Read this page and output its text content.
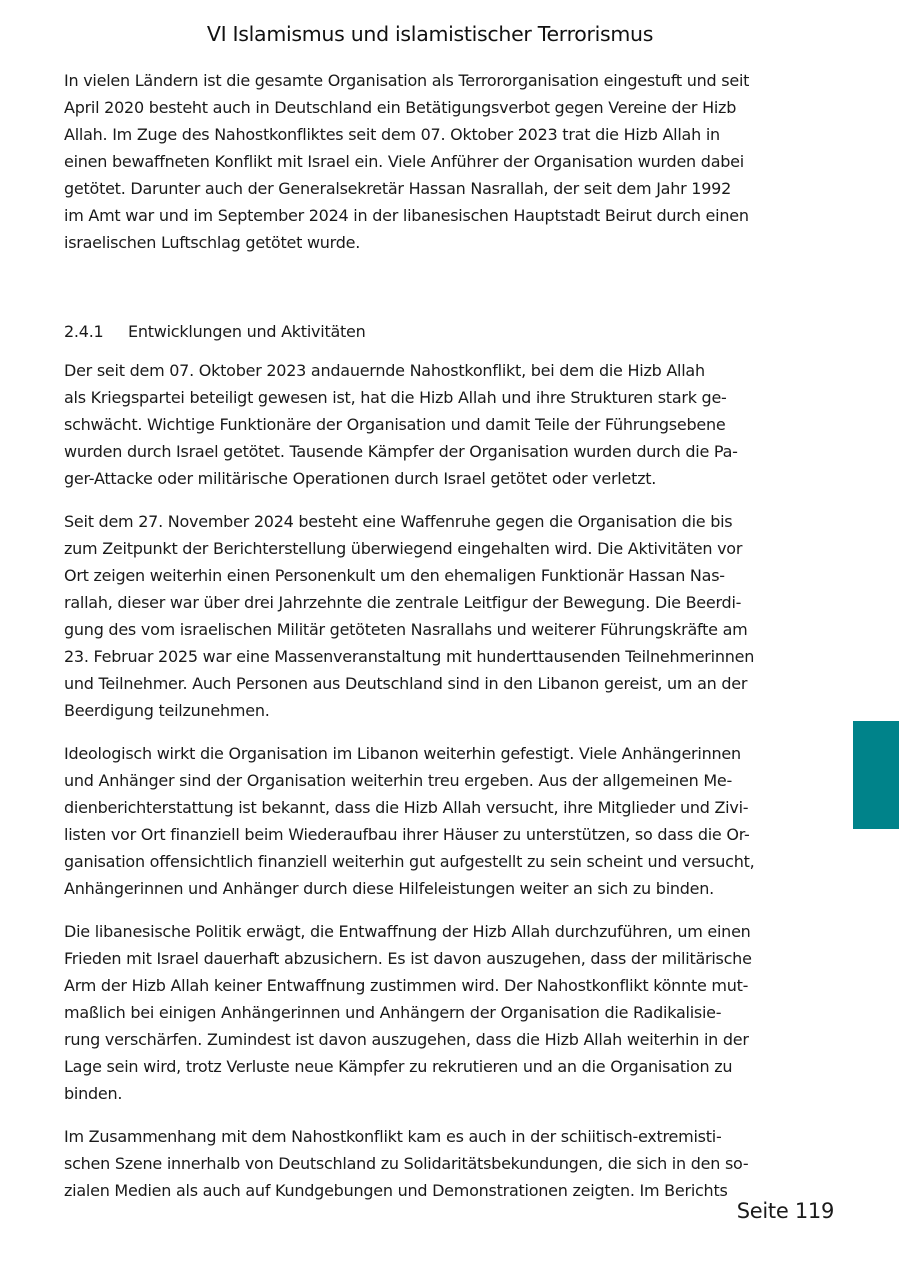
VI Islamismus und islamistischer Terrorismus

In vielen Ländern ist die gesamte Organisation als Terrororganisation eingestuft und seit

April 2020 besteht auch in Deutschland ein Betätigungsverbot gegen Vereine der Hizb

Allah. Im Zuge des Nahostkonfliktes seit dem 07. Oktober 2023 trat die Hizb Allah in

einen bewaffneten Konflikt mit Israel ein. Viele Anführer der Organisation wurden dabei

getötet. Darunter auch der Generalsekretär Hassan Nasrallah, der seit dem Jahr 1992

im Amt war und im September 2024 in der libanesischen Hauptstadt Beirut durch einen

israelischen Luftschlag getötet wurde.

2.4.1	Entwicklungen und Aktivitäten

Der seit dem 07. Oktober 2023 andauernde Nahostkonflikt, bei dem die Hizb Allah

als Kriegspartei beteiligt gewesen ist, hat die Hizb Allah und ihre Strukturen stark ge-

schwächt. Wichtige Funktionäre der Organisation und damit Teile der Führungsebene

wurden durch Israel getötet. Tausende Kämpfer der Organisation wurden durch die Pa-

ger-Attacke oder militärische Operationen durch Israel getötet oder verletzt.

Seit dem 27. November 2024 besteht eine Waffenruhe gegen die Organisation die bis

zum Zeitpunkt der Berichterstellung überwiegend eingehalten wird. Die Aktivitäten vor

Ort zeigen weiterhin einen Personenkult um den ehemaligen Funktionär Hassan Nas-

rallah, dieser war über drei Jahrzehnte die zentrale Leitfigur der Bewegung. Die Beerdi-

gung des vom israelischen Militär getöteten Nasrallahs und weiterer Führungskräfte am

23. Februar 2025 war eine Massenveranstaltung mit hunderttausenden Teilnehmerinnen

und Teilnehmer. Auch Personen aus Deutschland sind in den Libanon gereist, um an der

Beerdigung teilzunehmen.

Ideologisch wirkt die Organisation im Libanon weiterhin gefestigt. Viele Anhängerinnen

und Anhänger sind der Organisation weiterhin treu ergeben. Aus der allgemeinen Me-

dienberichterstattung ist bekannt, dass die Hizb Allah versucht, ihre Mitglieder und Zivi-

listen vor Ort finanziell beim Wiederaufbau ihrer Häuser zu unterstützen, so dass die Or-

ganisation offensichtlich finanziell weiterhin gut aufgestellt zu sein scheint und versucht,

Anhängerinnen und Anhänger durch diese Hilfeleistungen weiter an sich zu binden.

Die libanesische Politik erwägt, die Entwaffnung der Hizb Allah durchzuführen, um einen

Frieden mit Israel dauerhaft abzusichern. Es ist davon auszugehen, dass der militärische

Arm der Hizb Allah keiner Entwaffnung zustimmen wird. Der Nahostkonflikt könnte mut-

maßlich bei einigen Anhängerinnen und Anhängern der Organisation die Radikalisie-

rung verschärfen. Zumindest ist davon auszugehen, dass die Hizb Allah weiterhin in der

Lage sein wird, trotz Verluste neue Kämpfer zu rekrutieren und an die Organisation zu

binden.

Im Zusammenhang mit dem Nahostkonflikt kam es auch in der schiitisch-extremisti-

schen Szene innerhalb von Deutschland zu Solidaritätsbekundungen, die sich in den so-

zialen Medien als auch auf Kundgebungen und Demonstrationen zeigten. Im Berichts

Seite 119
